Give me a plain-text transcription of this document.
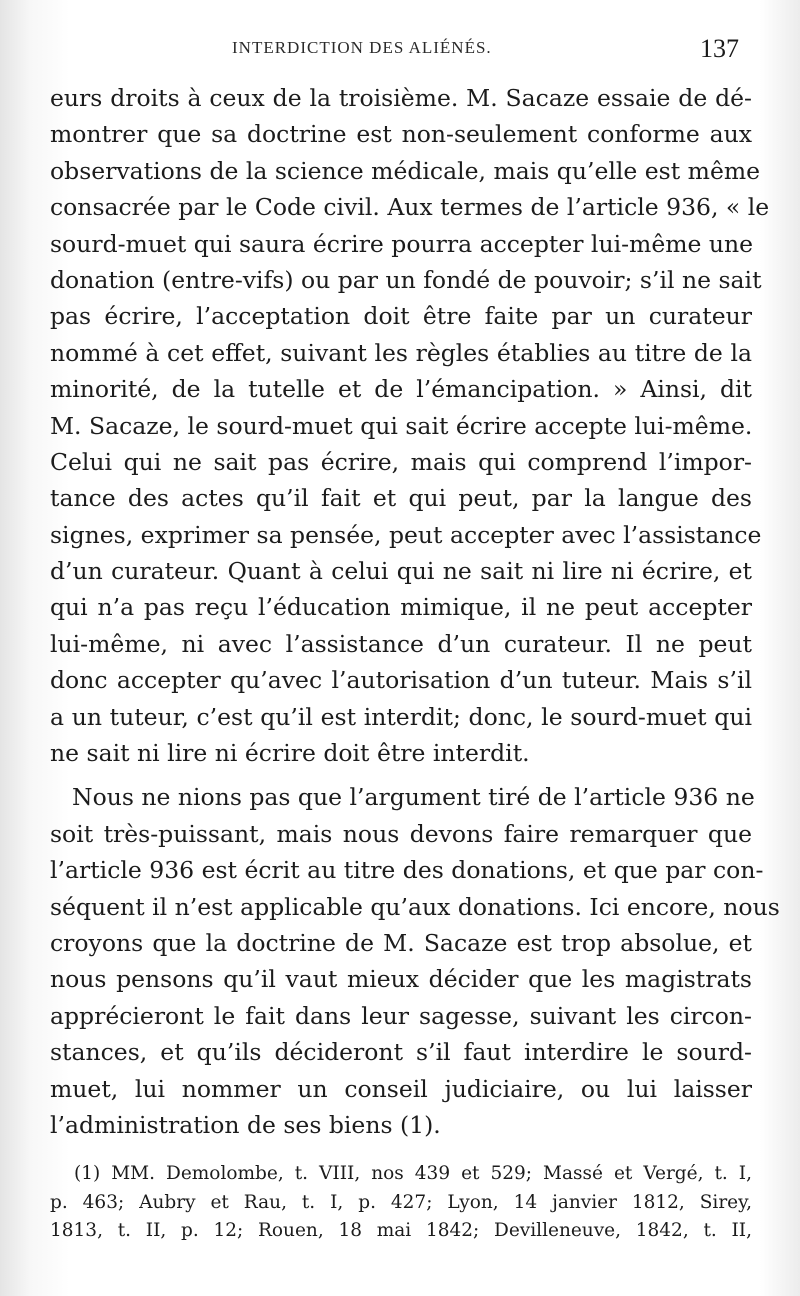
INTERDICTION DES ALIÉNÉS.	137
eurs droits à ceux de la troisième. M. Sacaze essaie de dé-
montrer que sa doctrine est non-seulement conforme aux
observations de la science médicale, mais qu’elle est même
consacrée par le Code civil. Aux termes de l’article 936, « le
sourd-muet qui saura écrire pourra accepter lui-même une
donation (entre-vifs) ou par un fondé de pouvoir; s’il ne sait
pas écrire, l’acceptation doit être faite par un curateur
nommé à cet effet, suivant les règles établies au titre de la
minorité, de la tutelle et de l’émancipation. » Ainsi, dit
M. Sacaze, le sourd-muet qui sait écrire accepte lui-même.
Celui qui ne sait pas écrire, mais qui comprend l’impor-
tance des actes qu’il fait et qui peut, par la langue des
signes, exprimer sa pensée, peut accepter avec l’assistance
d’un curateur. Quant à celui qui ne sait ni lire ni écrire, et
qui n’a pas reçu l’éducation mimique, il ne peut accepter
lui-même, ni avec l’assistance d’un curateur. Il ne peut
donc accepter qu’avec l’autorisation d’un tuteur. Mais s’il
a un tuteur, c’est qu’il est interdit; donc, le sourd-muet qui
ne sait ni lire ni écrire doit être interdit.
Nous ne nions pas que l’argument tiré de l’article 936 ne
soit très-puissant, mais nous devons faire remarquer que
l’article 936 est écrit au titre des donations, et que par con-
séquent il n’est applicable qu’aux donations. Ici encore, nous
croyons que la doctrine de M. Sacaze est trop absolue, et
nous pensons qu’il vaut mieux décider que les magistrats
apprécieront le fait dans leur sagesse, suivant les circon-
stances, et qu’ils décideront s’il faut interdire le sourd-
muet, lui nommer un conseil judiciaire, ou lui laisser
l’administration de ses biens (1).
(1) MM. Demolombe, t. VIII, nos 439 et 529; Massé et Vergé, t. I,
p. 463; Aubry et Rau, t. I, p. 427; Lyon, 14 janvier 1812, Sirey,
1813, t. II, p. 12; Rouen, 18 mai 1842; Devilleneuve, 1842, t. II,
